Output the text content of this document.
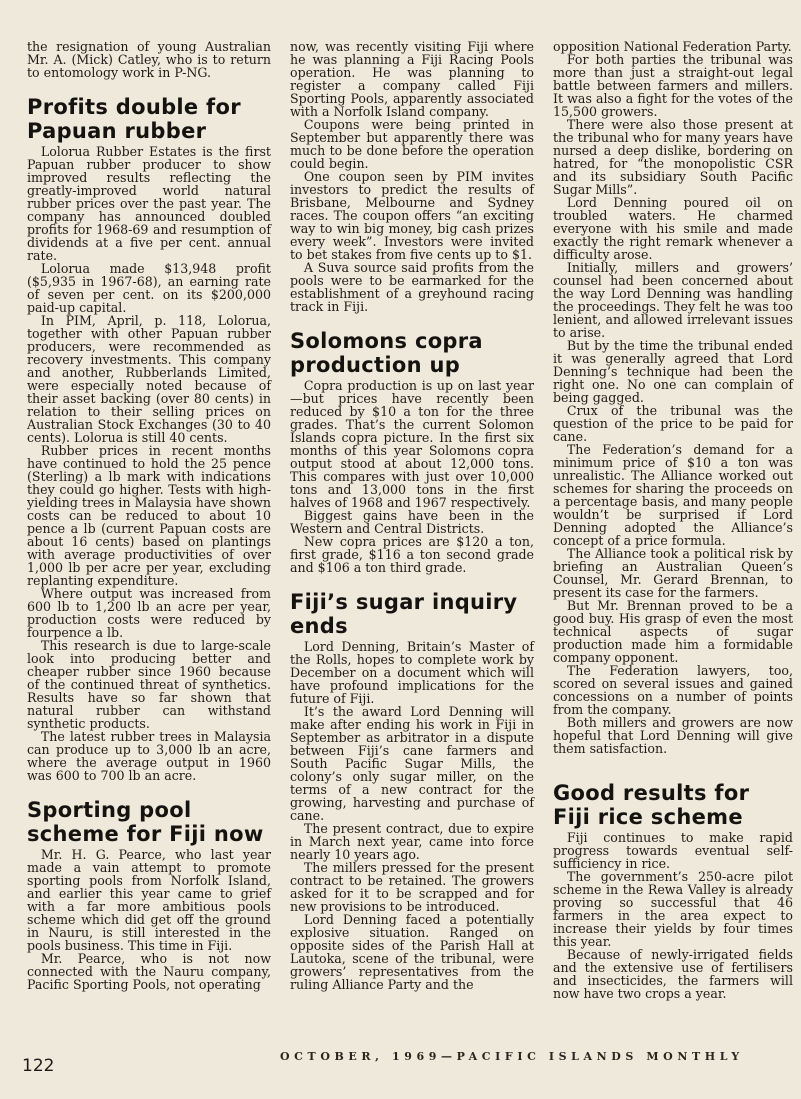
the resignation of young Australian Mr. A. (Mick) Catley, who is to return to entomology work in P-NG.

Profits double for Papuan rubber

Lolorua Rubber Estates is the first Papuan rubber producer to show improved results reflecting the greatly-improved world natural rubber prices over the past year. The company has announced doubled profits for 1968-69 and resumption of dividends at a five per cent. annual rate.

Lolorua made $13,948 profit ($5,935 in 1967-68), an earning rate of seven per cent. on its $200,000 paid-up capital.

In PIM, April, p. 118, Lolorua, together with other Papuan rubber producers, were recommended as recovery investments. This company and another, Rubberlands Limited, were especially noted because of their asset backing (over 80 cents) in relation to their selling prices on Australian Stock Exchanges (30 to 40 cents). Lolorua is still 40 cents.

Rubber prices in recent months have continued to hold the 25 pence (Sterling) a lb mark with indications they could go higher. Tests with high-yielding trees in Malaysia have shown costs can be reduced to about 10 pence a lb (current Papuan costs are about 16 cents) based on plantings with average productivities of over 1,000 lb per acre per year, excluding replanting expenditure.

Where output was increased from 600 lb to 1,200 lb an acre per year, production costs were reduced by fourpence a lb.

This research is due to large-scale look into producing better and cheaper rubber since 1960 because of the continued threat of synthetics. Results have so far shown that natural rubber can withstand synthetic products.

The latest rubber trees in Malaysia can produce up to 3,000 lb an acre, where the average output in 1960 was 600 to 700 lb an acre.

Sporting pool scheme for Fiji now

Mr. H. G. Pearce, who last year made a vain attempt to promote sporting pools from Norfolk Island, and earlier this year came to grief with a far more ambitious pools scheme which did get off the ground in Nauru, is still interested in the pools business. This time in Fiji.

Mr. Pearce, who is not now connected with the Nauru company, Pacific Sporting Pools, not operating

now, was recently visiting Fiji where he was planning a Fiji Racing Pools operation. He was planning to register a company called Fiji Sporting Pools, apparently associated with a Norfolk Island company.

Coupons were being printed in September but apparently there was much to be done before the operation could begin.

One coupon seen by PIM invites investors to predict the results of Brisbane, Melbourne and Sydney races. The coupon offers “an exciting way to win big money, big cash prizes every week”. Investors were invited to bet stakes from five cents up to $1.

A Suva source said profits from the pools were to be earmarked for the establishment of a greyhound racing track in Fiji.

Solomons copra production up

Copra production is up on last year—but prices have recently been reduced by $10 a ton for the three grades. That’s the current Solomon Islands copra picture. In the first six months of this year Solomons copra output stood at about 12,000 tons. This compares with just over 10,000 tons and 13,000 tons in the first halves of 1968 and 1967 respectively.

Biggest gains have been in the Western and Central Districts.

New copra prices are $120 a ton, first grade, $116 a ton second grade and $106 a ton third grade.

Fiji’s sugar inquiry ends

Lord Denning, Britain’s Master of the Rolls, hopes to complete work by December on a document which will have profound implications for the future of Fiji.

It’s the award Lord Denning will make after ending his work in Fiji in September as arbitrator in a dispute between Fiji’s cane farmers and South Pacific Sugar Mills, the colony’s only sugar miller, on the terms of a new contract for the growing, harvesting and purchase of cane.

The present contract, due to expire in March next year, came into force nearly 10 years ago.

The millers pressed for the present contract to be retained. The growers asked for it to be scrapped and for new provisions to be introduced.

Lord Denning faced a potentially explosive situation. Ranged on opposite sides of the Parish Hall at Lautoka, scene of the tribunal, were growers’ representatives from the ruling Alliance Party and the

opposition National Federation Party.

For both parties the tribunal was more than just a straight-out legal battle between farmers and millers. It was also a fight for the votes of the 15,500 growers.

There were also those present at the tribunal who for many years have nursed a deep dislike, bordering on hatred, for “the monopolistic CSR and its subsidiary South Pacific Sugar Mills”.

Lord Denning poured oil on troubled waters. He charmed everyone with his smile and made exactly the right remark whenever a difficulty arose.

Initially, millers and growers’ counsel had been concerned about the way Lord Denning was handling the proceedings. They felt he was too lenient, and allowed irrelevant issues to arise.

But by the time the tribunal ended it was generally agreed that Lord Denning’s technique had been the right one. No one can complain of being gagged.

Crux of the tribunal was the question of the price to be paid for cane.

The Federation’s demand for a minimum price of $10 a ton was unrealistic. The Alliance worked out schemes for sharing the proceeds on a percentage basis, and many people wouldn’t be surprised if Lord Denning adopted the Alliance’s concept of a price formula.

The Alliance took a political risk by briefing an Australian Queen’s Counsel, Mr. Gerard Brennan, to present its case for the farmers.

But Mr. Brennan proved to be a good buy. His grasp of even the most technical aspects of sugar production made him a formidable company opponent.

The Federation lawyers, too, scored on several issues and gained concessions on a number of points from the company.

Both millers and growers are now hopeful that Lord Denning will give them satisfaction.

Good results for Fiji rice scheme

Fiji continues to make rapid progress towards eventual self-sufficiency in rice.

The government’s 250-acre pilot scheme in the Rewa Valley is already proving so successful that 46 farmers in the area expect to increase their yields by four times this year.

Because of newly-irrigated fields and the extensive use of fertilisers and insecticides, the farmers will now have two crops a year.

122	OCTOBER, 1969—PACIFIC ISLANDS MONTHLY
